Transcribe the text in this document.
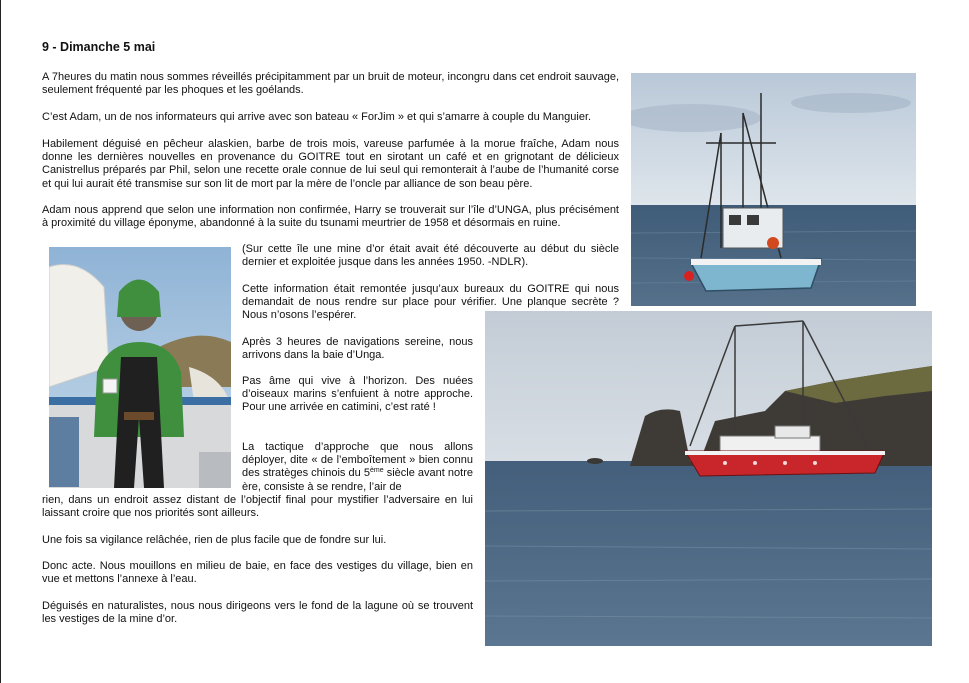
9 - Dimanche 5 mai

A 7heures du matin nous sommes réveillés précipitamment par un bruit de moteur, incongru dans cet endroit sauvage, seulement fréquenté par les phoques et les goélands.

C’est Adam, un de nos informateurs qui arrive avec son bateau « ForJim » et qui s’amarre à couple du Manguier.

Habilement déguisé en pêcheur alaskien, barbe de trois mois, vareuse parfumée à la morue fraîche, Adam nous donne les dernières nouvelles en provenance du GOITRE tout en sirotant un café et en grignotant de délicieux Canistrellus préparés par Phil, selon une recette orale connue de lui seul qui remonterait à l’aube de l’humanité corse et qui lui aurait été transmise sur son lit de mort par la mère de l’oncle par alliance de son beau père.

Adam nous apprend que selon une information non confirmée, Harry se trouverait sur l’île d’UNGA, plus précisément à proximité du village éponyme, abandonné à la suite du tsunami meurtrier de 1958 et désormais en ruine.

(Sur cette île une mine d’or était avait été découverte au début du siècle dernier et exploitée jusque dans les années 1950. -NDLR).

Cette information était remontée jusqu’aux bureaux du GOITRE qui nous demandait de nous rendre sur place pour vérifier. Une planque secrète ? Nous n’osons l’espérer.

Après 3 heures de navigations sereine, nous arrivons dans la baie d’Unga.

Pas âme qui vive à l’horizon. Des nuées d’oiseaux marins s’enfuient à notre approche. Pour une arrivée en catimini, c’est raté !

La tactique d’approche que nous allons déployer, dite « de l’emboîtement » bien connu des stratèges chinois du 5ème siècle avant notre ère, consiste à se rendre, l’air de

rien, dans un endroit assez distant de l’objectif final pour mystifier l’adversaire en lui laissant croire que nos priorités sont ailleurs.

Une fois sa vigilance relâchée, rien de plus facile que de fondre sur lui.

Donc acte. Nous mouillons en milieu de baie, en face des vestiges du village, bien en vue et mettons l’annexe à l’eau.

Déguisés en naturalistes, nous nous dirigeons vers le fond de la lagune où se trouvent les vestiges de la mine d’or.
